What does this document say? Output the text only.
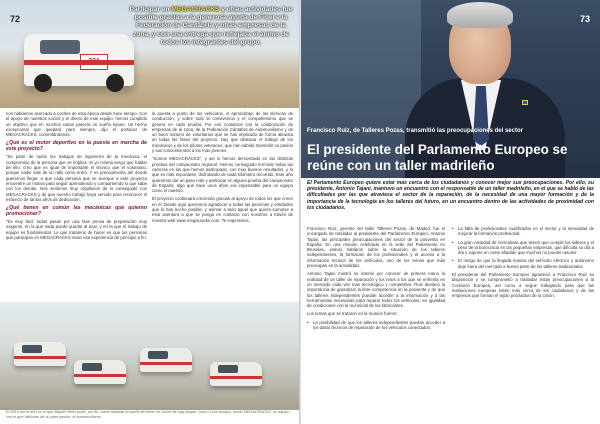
Participar en MEGACRACKS y otras actividades fue posible gracias a la generosa ayuda de Fidel e la Federación de Cantabria y otras empresas de la zona, y con una entrega que reflejaba el ánimo de todos los integrantes del grupo.

72

nos habíamos acercado a coches de esta época desde hace tiempo. Con el apoyo de nuestros socios y el dinero de este equipo, hemos cumplido un objetivo que en muchos casos parecía un sueño lejano. Un hecho excepcional que quedará para siempre, dijo el portavoz de MEGACRACKS, comentándonos.

¿Qué es el motor deportivo en la puesta en marcha de este proyecto?

"Se parte de todos los trabajos de ingeniería de la mecánica, el compromiso de la persona que se implica. Si yo misma tengo que hablar de ello, creo que es igual de importante el técnico que el voluntario, porque nadie sale de un rally como entró. Y es precisamente ahí donde queremos llegar, a que cada persona que se acerque a este proyecto encuentre un motivo para seguir aprendiendo y compartiendo lo que sabe con los demás. Nos sentimos muy orgullosos de lo conseguido con MEGACRACKS y de que nuestro trabajo haya servido para reconocer el esfuerzo de tantos años de dedicación.

¿Qué tienen en común las mecánicas que quieren promocionar?

"Es muy fácil: todas pasan por una fase previa de preparación muy exigente, en la que nada puede quedar al azar, y en la que el trabajo de equipo es fundamental. Lo que tratamos de hacer es que las personas que participan en MEGACRACKS vivan esa experiencia de principio a fin.

la puesta a punto de los vehículos, el aprendizaje de las técnicas de conducción, y sobre todo la convivencia y el compañerismo que se genera en cada prueba. Por eso contamos con la colaboración de empresas de la zona, de la Federación Cántabra de Automovilismo y de un buen número de voluntarios que se han implicado de forma altruista en todas las fases del proyecto. Hay que destacar el trabajo de los mecánicos y de los pilotos veteranos, que han sabido transmitir su pasión y sus conocimientos a los más jóvenes.

"Somos MEGACRACKS", y así lo hemos demostrado en las distintas pruebas del campeonato regional. Hemos conseguido terminar todas las carreras en las que hemos participado, con muy buenos resultados, y lo que es más importante, disfrutando de cada kilómetro recorrido. Este año queremos dar un paso más y participar en alguna prueba del campeonato de España, algo que hace unos años era impensable para un equipo como el nuestro.

El proyecto continuará creciendo gracias al apoyo de todos los que creen en él. Desde aquí queremos agradecer a todas las personas y entidades que lo han hecho posible, y animar a todo aquel que quiera sumarse a esta aventura a que se ponga en contacto con nosotros a través de nuestra web www.megacracks.com. Te esperamos.

El 2014 fue el año en el que Miguel Vélez pudo, por fin, hacer realidad el sueño de tener un coche de rally propio. Junto a sus amigos, fundó MEGACRACKS, un equipo con el que disfrutan de su gran pasión: el automovilismo.
73
Francisco Ruiz, de Talleres Pozas, transmitió las preocupaciones del sector
El presidente del Parlamento Europeo se reúne con un taller madrileño
El Parlamento Europeo quiere estar más cerca de los ciudadanos y conocer mejor sus preocupaciones. Por ello, su presidente, Antonio Tajani, mantuvo un encuentro con el responsable de un taller madrileño, en el que se habló de las dificultades por las que atraviesa el sector de la reparación, de la necesidad de una mayor formación y de la importancia de la tecnología en los talleres del futuro, en un encuentro dentro de las actividades de proximidad con los ciudadanos.

Francisco Ruiz, gerente del taller Talleres Pozas, de Madrid, fue el encargado de trasladar al presidente del Parlamento Europeo, Antonio Tajani, las principales preocupaciones del sector de la posventa en España. En una reunión celebrada en la sede del Parlamento en Bruselas, ambos hablaron sobre la situación de los talleres independientes, la formación de los profesionales y el acceso a la información técnica de los vehículos, uno de los temas que más preocupan en la actualidad.

Antonio Tajani mostró su interés por conocer de primera mano la realidad de un taller de reparación y los retos a los que se enfrenta en un mercado cada vez más tecnológico y competitivo. Ruiz destacó la importancia de garantizar la libre competencia en la posventa y de que los talleres independientes puedan acceder a la información y a las herramientas necesarias para reparar todos los vehículos, en igualdad de condiciones con la red oficial de los fabricantes.

Los temas que se trataron en la reunión fueron:

• La posibilidad de que los talleres independientes puedan acceder a los datos técnicos de reparación de los vehículos conectados.

• La falta de profesionales cualificados en el sector y la necesidad de mejorar la formación profesional.

• La gran cantidad de normativas que tienen que cumplir los talleres y el peso de la burocracia en las pequeñas empresas, que dificulta su día a día y supone un coste añadido que muchos no pueden asumir.

• El riesgo de que la llegada masiva del vehículo eléctrico y autónomo deje fuera del mercado a buena parte de los talleres tradicionales.

El presidente del Parlamento Europeo agradeció a Francisco Ruiz su disposición y se comprometió a trasladar estas preocupaciones a la Comisión Europea, así como a seguir trabajando para que las instituciones europeas estén más cerca de los ciudadanos y de las empresas que forman el tejido productivo de la Unión.
